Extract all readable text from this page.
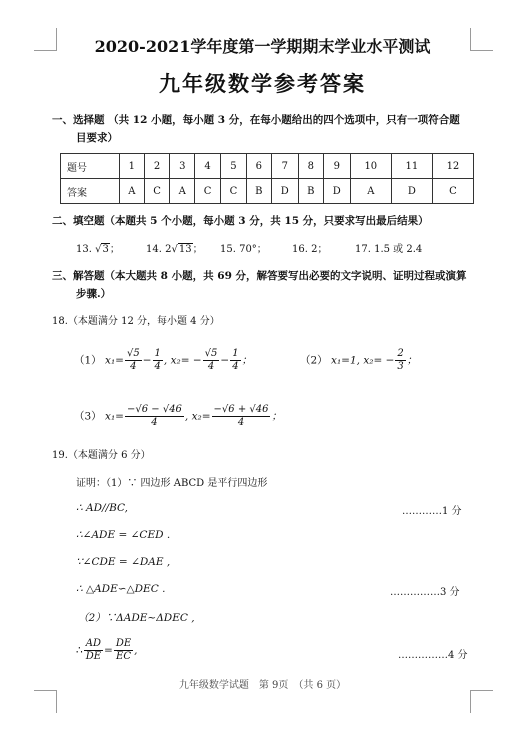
2020-2021学年度第一学期期末学业水平测试
九年级数学参考答案
一、选择题 （共 12 小题，每小题 3 分，在每小题给出的四个选项中，只有一项符合题
目要求）
题号	1	2	3	4	5	6	7	8	9	10	11	12
答案	A	C	A	C	C	B	D	B	D	A	D	C
二、填空题（本题共 5 个小题，每小题 3 分，共 15 分，只要求写出最后结果）
13. √3；	14. 2√13； 15. 70°；	16. 2；	17. 1.5 或 2.4
三、解答题（本大题共 8 小题，共 69 分，解答要写出必要的文字说明、证明过程或演算
步骤.）
18.（本题满分 12 分，每小题 4 分）
（1） $x_1= \frac{√5}{4} - \frac{1}{4}$ , $x_2= - \frac{√5}{4} - \frac{1}{4}$ ；	（2） x₁=1, $x_2= - \frac{2}{3}$ ；
（3） $x_1= \frac{-√6 - √46}{4}$ , $x_2= \frac{-√6 + √46}{4}$ ；
19.（本题满分 6 分）
证明：（1）∵ 四边形 ABCD 是平行四边形
∴ AD//BC,	…………1 分
∴∠ADE = ∠CED .
∵∠CDE = ∠DAE ,
∴ △ADE∽△DEC .	……………3 分
（2）∵ΔADE~ΔDEC ,
∴ $\frac{AD}{DE} = \frac{DE}{EC}$ ,	……………4 分
九年级数学试题　第 9页　（共 6 页）
